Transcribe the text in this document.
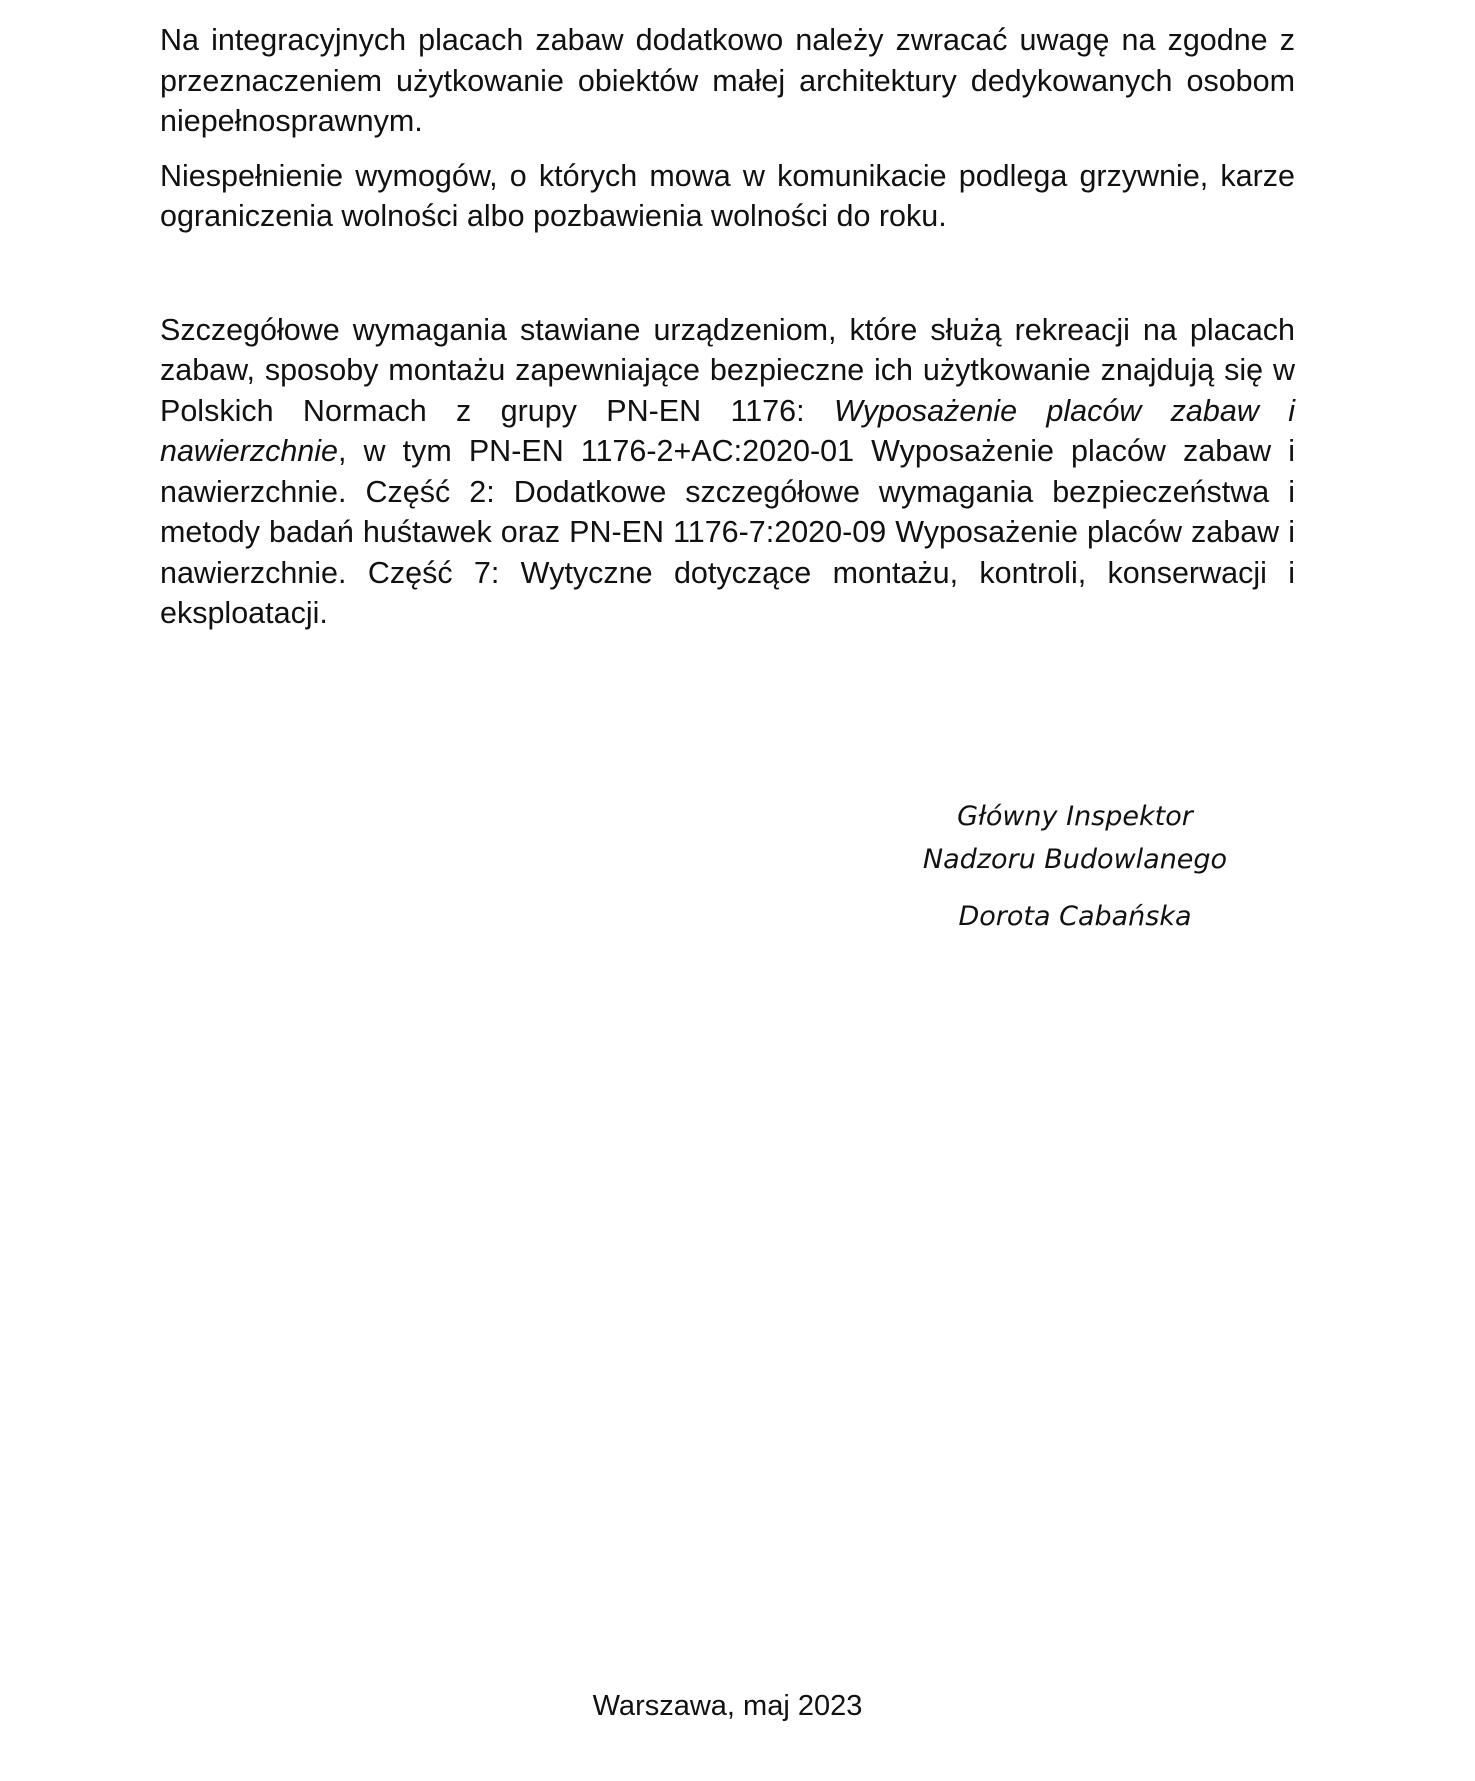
Na integracyjnych placach zabaw dodatkowo należy zwracać uwagę na zgodne z przeznaczeniem użytkowanie obiektów małej architektury dedykowanych osobom niepełnosprawnym.

Niespełnienie wymogów, o których mowa w komunikacie podlega grzywnie, karze ograniczenia wolności albo pozbawienia wolności do roku.

Szczegółowe wymagania stawiane urządzeniom, które służą rekreacji na placach zabaw, sposoby montażu zapewniające bezpieczne ich użytkowanie znajdują się w Polskich Normach z grupy PN-EN 1176: Wyposażenie placów zabaw i nawierzchnie, w tym PN-EN 1176-2+AC:2020-01 Wyposażenie placów zabaw i nawierzchnie. Część 2: Dodatkowe szczegółowe wymagania bezpieczeństwa i metody badań huśtawek oraz PN-EN 1176-7:2020-09 Wyposażenie placów zabaw i nawierzchnie. Część 7: Wytyczne dotyczące montażu, kontroli, konserwacji i eksploatacji.

Główny Inspektor
Nadzoru Budowlanego
Dorota Cabańska
Warszawa, maj 2023
